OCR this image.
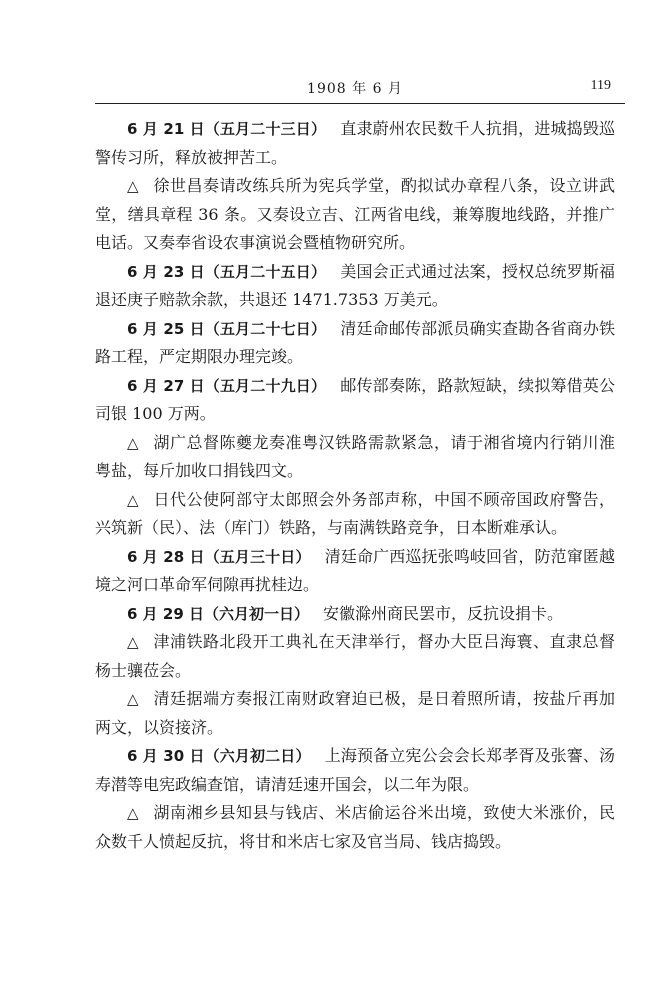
1908 年 6 月	119

6 月 21 日（五月二十三日） 直隶蔚州农民数千人抗捐，进城捣毁巡警传习所，释放被押苦工。

△ 徐世昌奏请改练兵所为宪兵学堂，酌拟试办章程八条，设立讲武堂，缮具章程 36 条。又奏设立吉、江两省电线，兼筹腹地线路，并推广电话。又奏奉省设农事演说会暨植物研究所。

6 月 23 日（五月二十五日） 美国会正式通过法案，授权总统罗斯福退还庚子赔款余款，共退还 1471.7353 万美元。

6 月 25 日（五月二十七日） 清廷命邮传部派员确实查勘各省商办铁路工程，严定期限办理完竣。

6 月 27 日（五月二十九日） 邮传部奏陈，路款短缺，续拟筹借英公司银 100 万两。

△ 湖广总督陈夔龙奏准粤汉铁路需款紧急，请于湘省境内行销川淮粤盐，每斤加收口捐钱四文。

△ 日代公使阿部守太郎照会外务部声称，中国不顾帝国政府警告，兴筑新（民）、法（库门）铁路，与南满铁路竞争，日本断难承认。

6 月 28 日（五月三十日） 清廷命广西巡抚张鸣岐回省，防范窜匿越境之河口革命军伺隙再扰桂边。

6 月 29 日（六月初一日） 安徽滁州商民罢市，反抗设捐卡。

△ 津浦铁路北段开工典礼在天津举行，督办大臣吕海寰、直隶总督杨士骧莅会。

△ 清廷据端方奏报江南财政窘迫已极，是日着照所请，按盐斤再加两文，以资接济。

6 月 30 日（六月初二日） 上海预备立宪公会会长郑孝胥及张謇、汤寿潜等电宪政编查馆，请清廷速开国会，以二年为限。

△ 湖南湘乡县知县与钱店、米店偷运谷米出境，致使大米涨价，民众数千人愤起反抗，将甘和米店七家及官当局、钱店捣毁。
